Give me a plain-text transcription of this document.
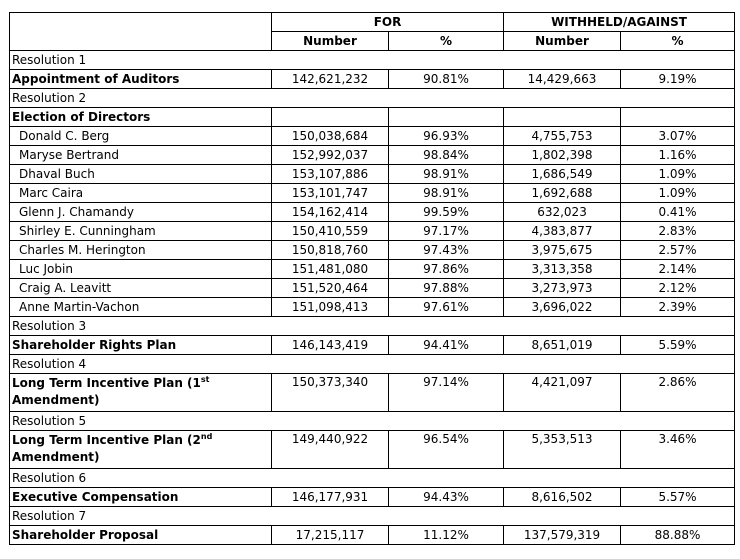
	FOR		WITHHELD/AGAINST	
	Number	%	Number	%
Resolution 1				
Appointment of Auditors	142,621,232	90.81%	14,429,663	9.19%
Resolution 2				
Election of Directors				
Donald C. Berg	150,038,684	96.93%	4,755,753	3.07%
Maryse Bertrand	152,992,037	98.84%	1,802,398	1.16%
Dhaval Buch	153,107,886	98.91%	1,686,549	1.09%
Marc Caira	153,101,747	98.91%	1,692,688	1.09%
Glenn J. Chamandy	154,162,414	99.59%	632,023	0.41%
Shirley E. Cunningham	150,410,559	97.17%	4,383,877	2.83%
Charles M. Herington	150,818,760	97.43%	3,975,675	2.57%
Luc Jobin	151,481,080	97.86%	3,313,358	2.14%
Craig A. Leavitt	151,520,464	97.88%	3,273,973	2.12%
Anne Martin-Vachon	151,098,413	97.61%	3,696,022	2.39%
Resolution 3				
Shareholder Rights Plan	146,143,419	94.41%	8,651,019	5.59%
Resolution 4				
Long Term Incentive Plan (1st Amendment)	150,373,340	97.14%	4,421,097	2.86%
Resolution 5				
Long Term Incentive Plan (2nd Amendment)	149,440,922	96.54%	5,353,513	3.46%
Resolution 6				
Executive Compensation	146,177,931	94.43%	8,616,502	5.57%
Resolution 7				
Shareholder Proposal	17,215,117	11.12%	137,579,319	88.88%
